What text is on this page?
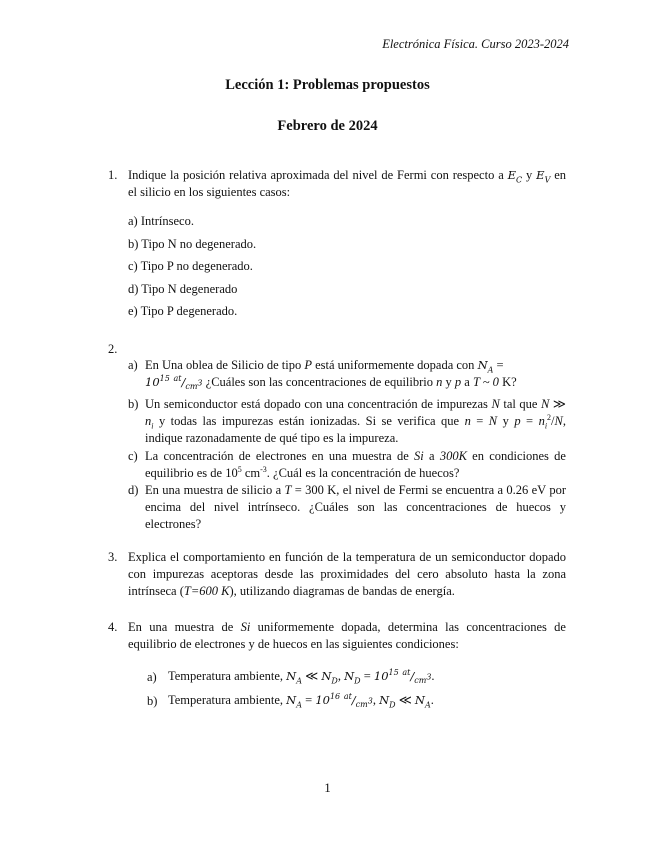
Electrónica Física. Curso 2023-2024
Lección 1: Problemas propuestos
Febrero de 2024
1. Indique la posición relativa aproximada del nivel de Fermi con respecto a $E_C$ y $E_V$ en el silicio en los siguientes casos:
a) Intrínseco.
b) Tipo N no degenerado.
c) Tipo P no degenerado.
d) Tipo N degenerado
e) Tipo P degenerado.
2.
a) En Una oblea de Silicio de tipo P está uniformemente dopada con $N_A$ =
$10^{15}$ $^{at}/_{cm^3}$ ¿Cuáles son las concentraciones de equilibrio n y p a T ~ 0 K?
b) Un semiconductor está dopado con una concentración de impurezas N tal que N ≫ $n_i$ y todas las impurezas están ionizadas. Si se verifica que n = N y $p = n_i^2/N$, indique razonadamente de qué tipo es la impureza.
c) La concentración de electrones en una muestra de Si a 300K en condiciones de equilibrio es de $10^5$ $cm^{-3}$. ¿Cuál es la concentración de huecos?
d) En una muestra de silicio a T = 300 K, el nivel de Fermi se encuentra a 0.26 eV por encima del nivel intrínseco. ¿Cuáles son las concentraciones de huecos y electrones?
3. Explica el comportamiento en función de la temperatura de un semiconductor dopado con impurezas aceptoras desde las proximidades del cero absoluto hasta la zona intrínseca (T=600 K), utilizando diagramas de bandas de energía.
4. En una muestra de Si uniformemente dopada, determina las concentraciones de equilibrio de electrones y de huecos en las siguientes condiciones:
a) Temperatura ambiente, $N_A$ ≪ $N_D$, $N_D = 10^{15}$ $^{at}/_{cm^3}$.
b) Temperatura ambiente, $N_A = 10^{16}$ $^{at}/_{cm^3}$, $N_D$ ≪ $N_A$.
1
